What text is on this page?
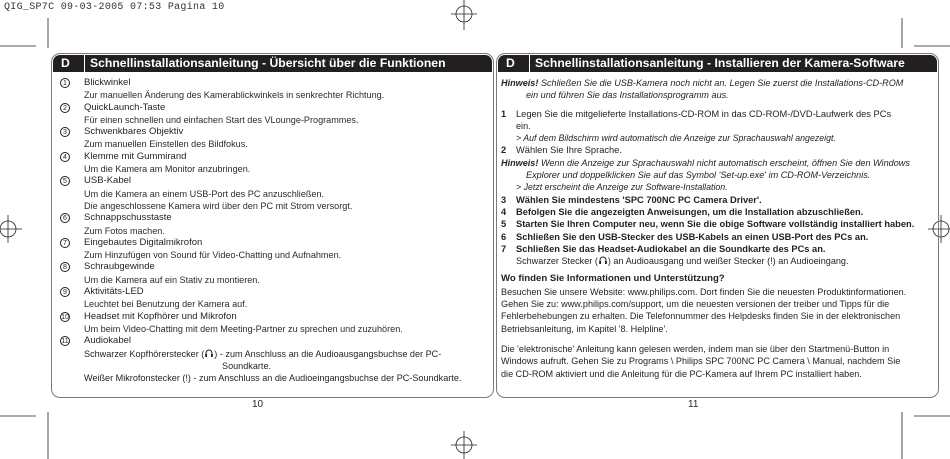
QIG_SP7C 09-03-2005 07:53 Pagina 10
D	Schnellinstallationsanleitung - Übersicht über die Funktionen
1	Blickwinkel
Zur manuellen Änderung des Kamerablickwinkels in senkrechter Richtung.
2	QuickLaunch-Taste
Für einen schnellen und einfachen Start des VLounge-Programmes.
3	Schwenkbares Objektiv
Zum manuellen Einstellen des Bildfokus.
4	Klemme mit Gummirand
Um die Kamera am Monitor anzubringen.
5	USB-Kabel
Um die Kamera an einem USB-Port des PC anzuschließen.
Die angeschlossene Kamera wird über den PC mit Strom versorgt.
6	Schnappschusstaste
Zum Fotos machen.
7	Eingebautes Digitalmikrofon
Zum Hinzufügen von Sound für Video-Chatting und Aufnahmen.
8	Schraubgewinde
Um die Kamera auf ein Stativ zu montieren.
9	Aktivitäts-LED
Leuchtet bei Benutzung der Kamera auf.
10 Headset mit Kopfhörer und Mikrofon
Um beim Video-Chatting mit dem Meeting-Partner zu sprechen und zuzuhören.
11 Audiokabel
Schwarzer Kopfhörerstecker ( ) - zum Anschluss an die Audioausgangsbuchse der PC-
Soundkarte.
Weißer Mikrofonstecker (!) - zum Anschluss an die Audioeingangsbuchse der PC-Soundkarte.
10
D	Schnellinstallationsanleitung - Installieren der Kamera-Software
Hinweis! Schließen Sie die USB-Kamera noch nicht an. Legen Sie zuerst die Installations-CD-ROM
ein und führen Sie das Installationsprogramm aus.
1 Legen Sie die mitgelieferte Installations-CD-ROM in das CD-ROM-/DVD-Laufwerk des PCs
ein.
> Auf dem Bildschirm wird automatisch die Anzeige zur Sprachauswahl angezeigt.
2 Wählen Sie Ihre Sprache.
Hinweis! Wenn die Anzeige zur Sprachauswahl nicht automatisch erscheint, öffnen Sie den Windows
Explorer und doppelklicken Sie auf das Symbol 'Set-up.exe' im CD-ROM-Verzeichnis.
> Jetzt erscheint die Anzeige zur Software-Installation.
3 Wählen Sie mindestens 'SPC 700NC PC Camera Driver'.
4 Befolgen Sie die angezeigten Anweisungen, um die Installation abzuschließen.
5 Starten Sie Ihren Computer neu, wenn Sie die obige Software vollständig installiert haben.
6 Schließen Sie den USB-Stecker des USB-Kabels an einen USB-Port des PCs an.
7 Schließen Sie das Headset-Audiokabel an die Soundkarte des PCs an.
Schwarzer Stecker ( ) an Audioausgang und weißer Stecker (!) an Audioeingang.
Wo finden Sie Informationen und Unterstützung?
Besuchen Sie unsere Website: www.philips.com. Dort finden Sie die neuesten Produktinformationen.
Gehen Sie zu: www.philips.com/support, um die neuesten versionen der treiber und Tipps für die
Fehlerbehebungen zu erhalten. Die Telefonnummer des Helpdesks finden Sie in der elektronischen
Betriebsanleitung, im Kapitel '8. Helpline'.
Die 'elektronische' Anleitung kann gelesen werden, indem man sie über den Startmenü-Button in
Windows aufruft. Gehen Sie zu Programs \ Philips SPC 700NC PC Camera \ Manual, nachdem Sie
die CD-ROM aktiviert und die Anleitung für die PC-Kamera auf Ihrem PC installiert haben.
11
